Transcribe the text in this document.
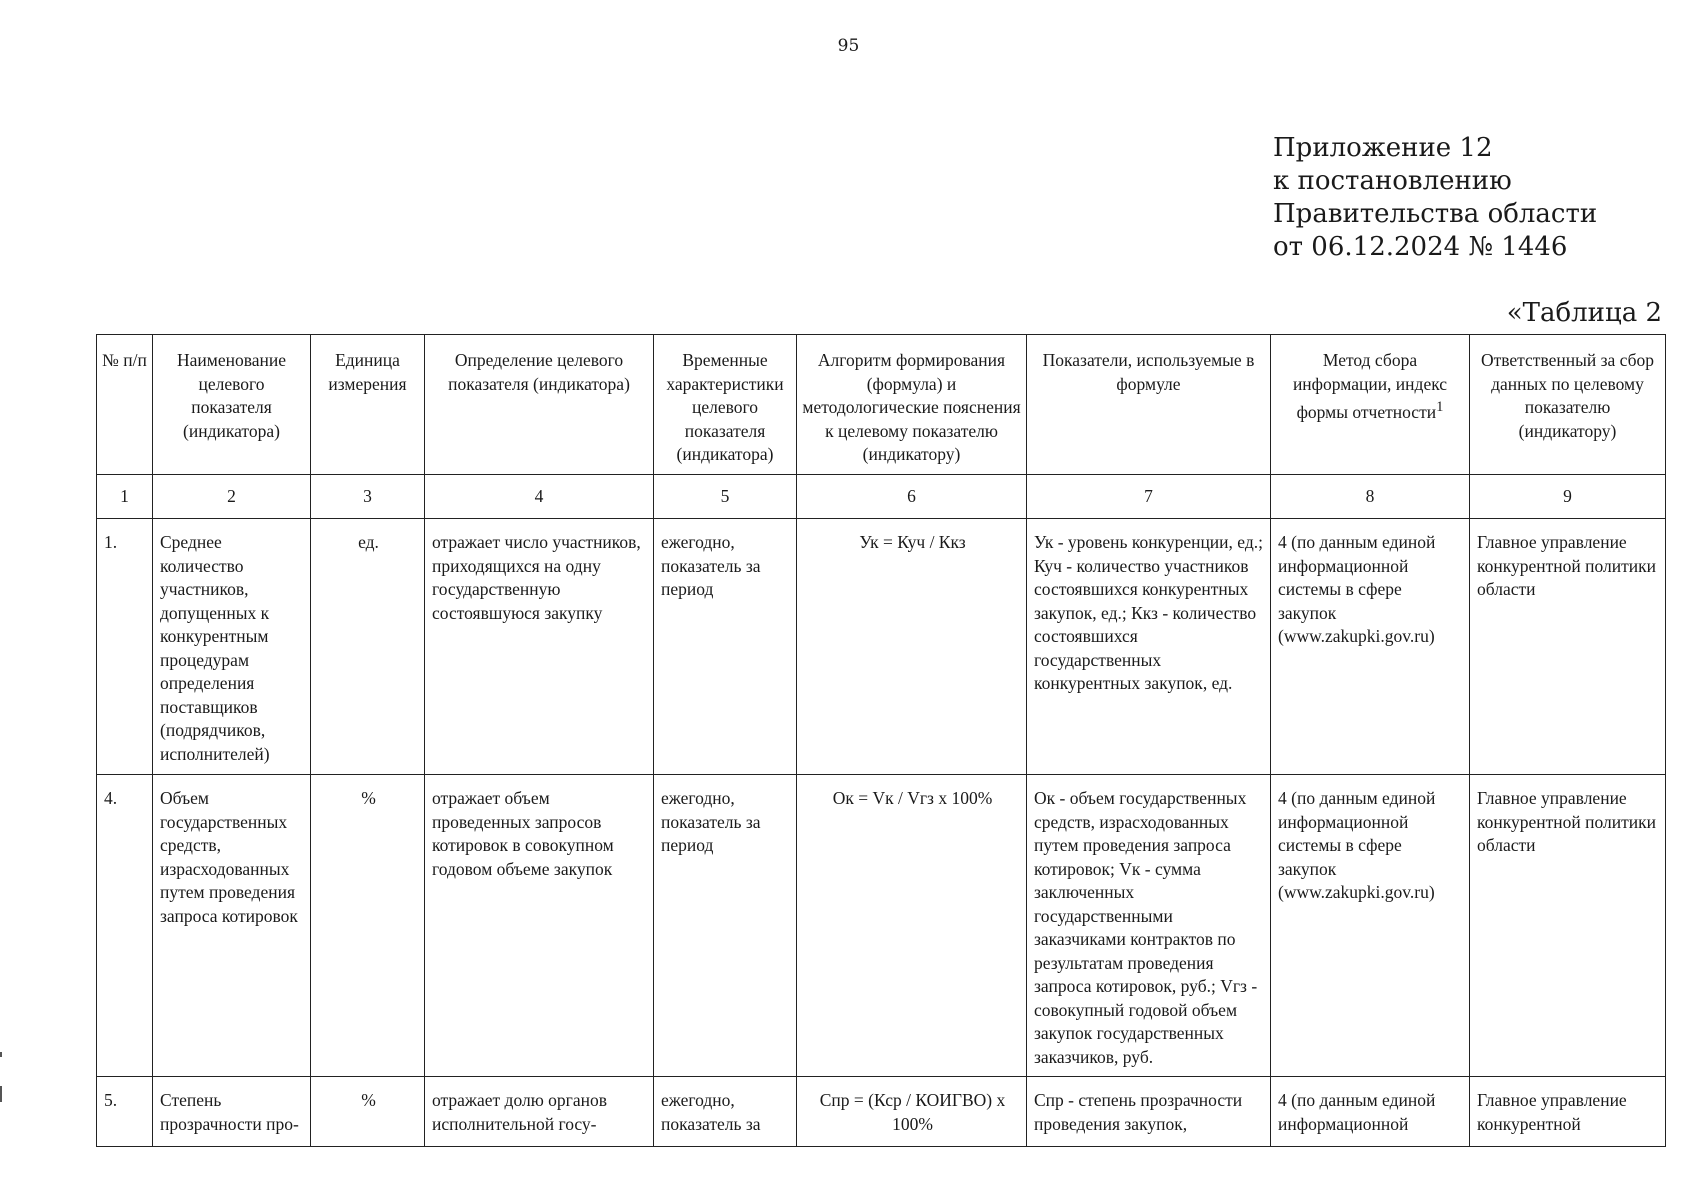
95
Приложение 12
к постановлению
Правительства области
от 06.12.2024 № 1446
«Таблица 2
№ п/п	Наименование целевого показателя (индикатора)	Единица измерения	Определение целевого показателя (индикатора)	Временные характеристики целевого показателя (индикатора)	Алгоритм формирования (формула) и методологические пояснения к целевому показателю (индикатору)	Показатели, используемые в формуле	Метод сбора информации, индекс формы отчетности$^1$	Ответственный за сбор данных по целевому показателю (индикатору)
1	2	3	4	5	6	7	8	9
1.	Среднее количество участников, допущенных к конкурентным процедурам определения поставщиков (подрядчиков, исполнителей)	ед.	отражает число участников, приходящихся на одну государственную состоявшуюся закупку	ежегодно, показатель за период	Ук = Куч / Ккз	Ук - уровень конкуренции, ед.; Куч - количество участников состоявшихся конкурентных закупок, ед.; Ккз - количество состоявшихся государственных конкурентных закупок, ед.	4 (по данным единой информационной системы в сфере закупок (www.zakupki.gov.ru)	Главное управление конкурентной политики области
4.	Объем государственных средств, израсходованных путем проведения запроса котировок	%	отражает объем проведенных запросов котировок в совокупном годовом объеме закупок	ежегодно, показатель за период	Ок = Vк / Vгз х 100%	Ок - объем государственных средств, израсходованных путем проведения запроса котировок; Vк - сумма заключенных государственными заказчиками контрактов по результатам проведения запроса котировок, руб.; Vгз - совокупный годовой объем закупок государственных заказчиков, руб.	4 (по данным единой информационной системы в сфере закупок (www.zakupki.gov.ru)	Главное управление конкурентной политики области
5.	Степень прозрачности про-	%	отражает долю органов исполнительной госу-	ежегодно, показатель за	Спр = (Кср / КОИГВО) х 100%	Спр - степень прозрачности проведения закупок,	4 (по данным единой информационной	Главное управление конкурентной
